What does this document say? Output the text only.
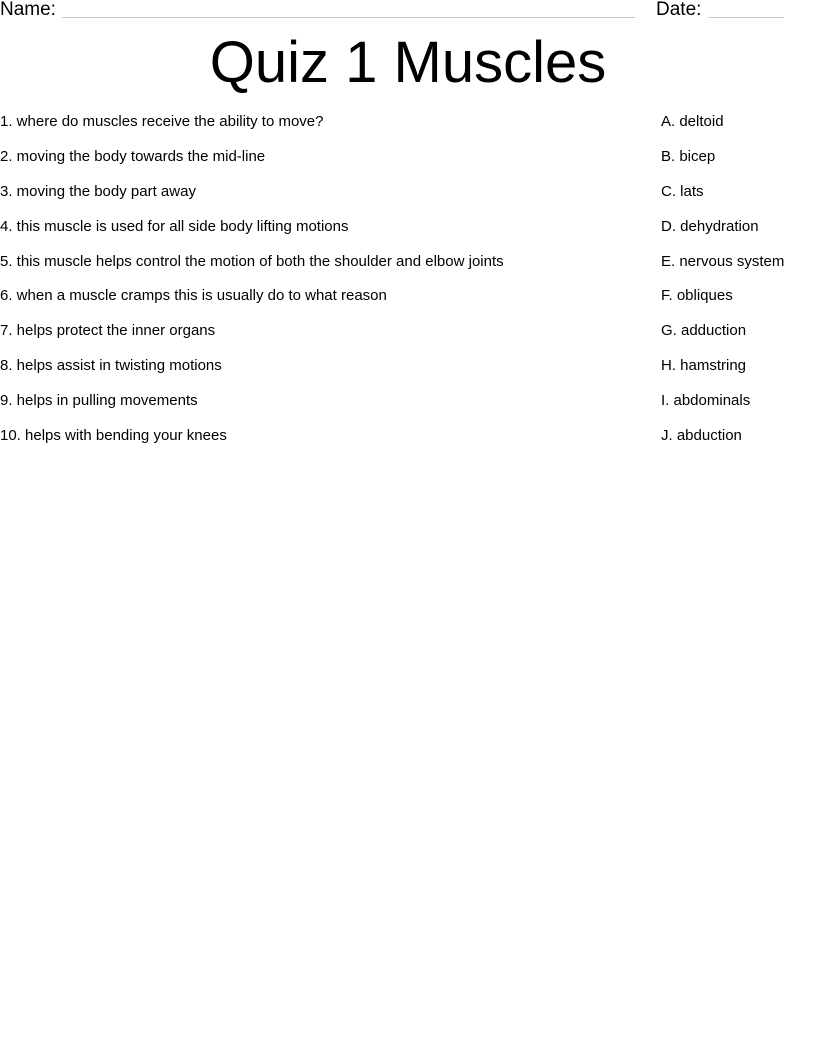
Name:	Date:
Quiz 1 Muscles
1. where do muscles receive the ability to move?
2. moving the body towards the mid-line
3. moving the body part away
4. this muscle is used for all side body lifting motions
5. this muscle helps control the motion of both the shoulder and elbow joints
6. when a muscle cramps this is usually do to what reason
7. helps protect the inner organs
8. helps assist in twisting motions
9. helps in pulling movements
10. helps with bending your knees
A. deltoid
B. bicep
C. lats
D. dehydration
E. nervous system
F. obliques
G. adduction
H. hamstring
I. abdominals
J. abduction
